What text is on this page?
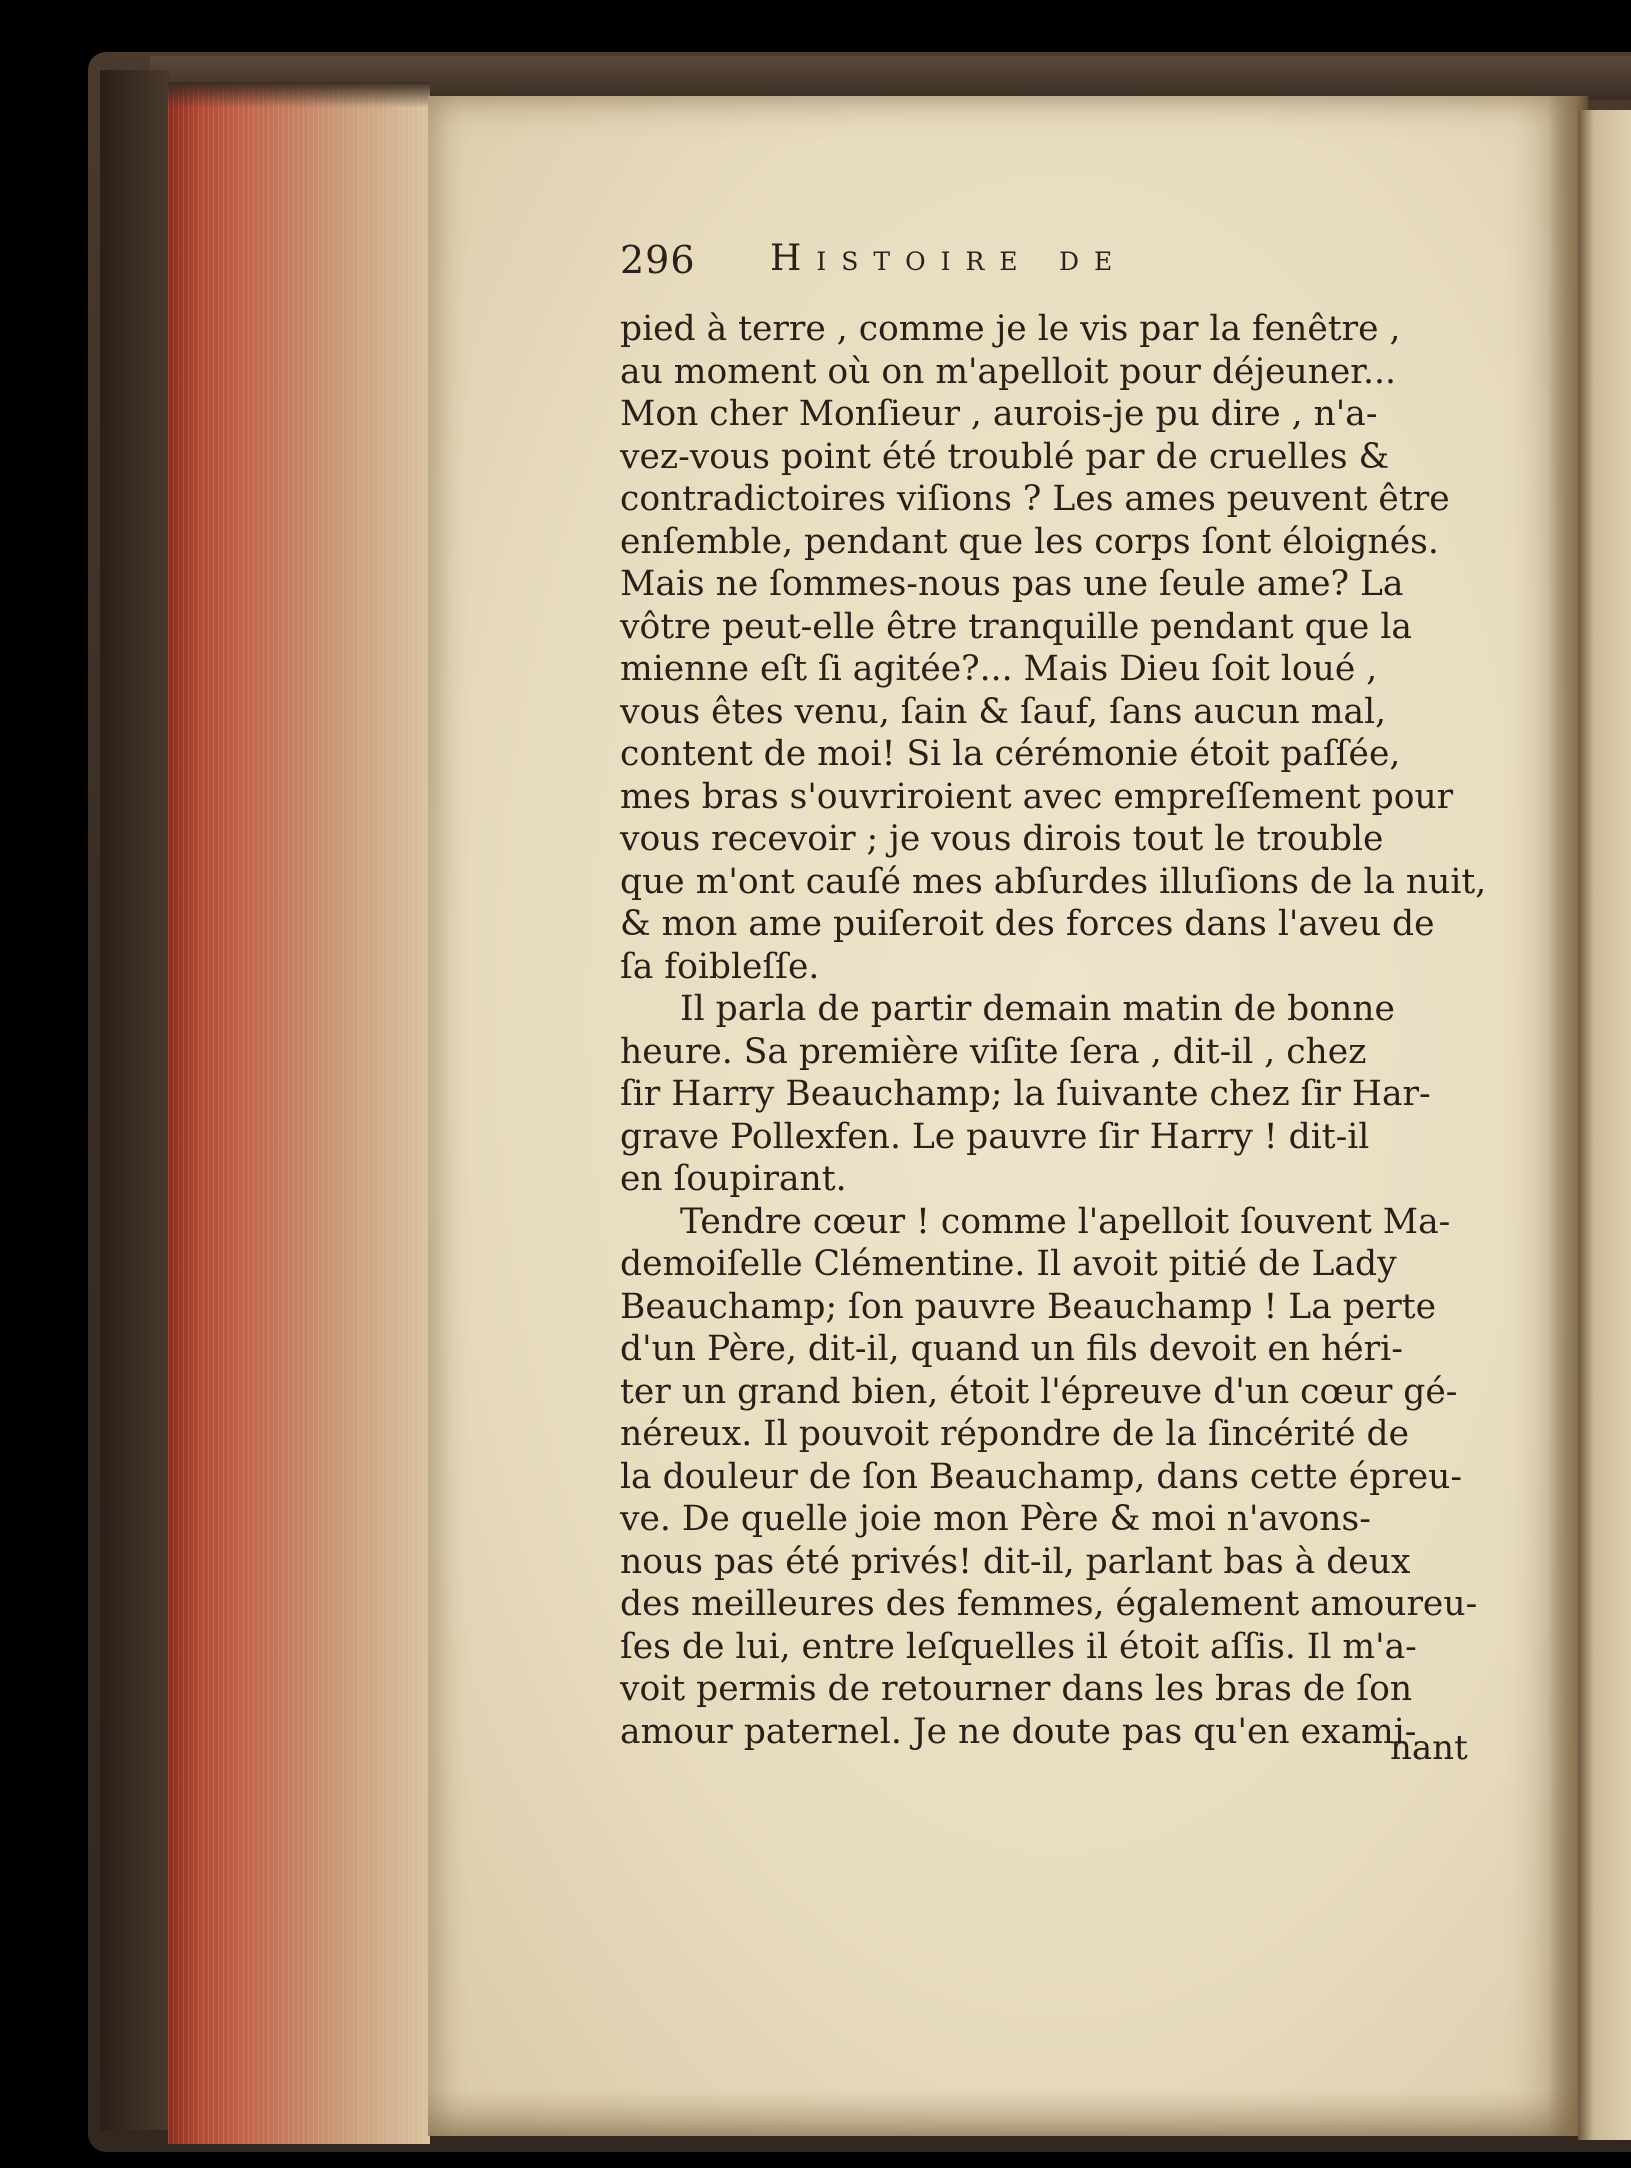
296 Histoire de
pied à terre , comme je le vis par la fenêtre ,
au moment où on m'apelloit pour déjeuner...
Mon cher Monſieur , aurois-je pu dire , n'a-
vez-vous point été troublé par de cruelles &
contradictoires viſions ? Les ames peuvent être
enſemble, pendant que les corps ſont éloignés.
Mais ne ſommes-nous pas une ſeule ame? La
vôtre peut-elle être tranquille pendant que la
mienne eſt ſi agitée?... Mais Dieu ſoit loué ,
vous êtes venu, ſain & ſauf, ſans aucun mal,
content de moi! Si la cérémonie étoit paſſée,
mes bras s'ouvriroient avec empreſſement pour
vous recevoir ; je vous dirois tout le trouble
que m'ont cauſé mes abſurdes illuſions de la nuit,
& mon ame puiſeroit des forces dans l'aveu de
ſa foibleſſe.
Il parla de partir demain matin de bonne
heure. Sa première viſite ſera , dit-il , chez
ſir Harry Beauchamp; la ſuivante chez ſir Har-
grave Pollexfen. Le pauvre ſir Harry ! dit-il
en ſoupirant.
Tendre cœur ! comme l'apelloit ſouvent Ma-
demoiſelle Clémentine. Il avoit pitié de Lady
Beauchamp; ſon pauvre Beauchamp ! La perte
d'un Père, dit-il, quand un fils devoit en héri-
ter un grand bien, étoit l'épreuve d'un cœur gé-
néreux. Il pouvoit répondre de la ſincérité de
la douleur de ſon Beauchamp, dans cette épreu-
ve. De quelle joie mon Père & moi n'avons-
nous pas été privés! dit-il, parlant bas à deux
des meilleures des femmes, également amoureu-
ſes de lui, entre leſquelles il étoit aſſis. Il m'a-
voit permis de retourner dans les bras de ſon
amour paternel. Je ne doute pas qu'en exami-
nant
